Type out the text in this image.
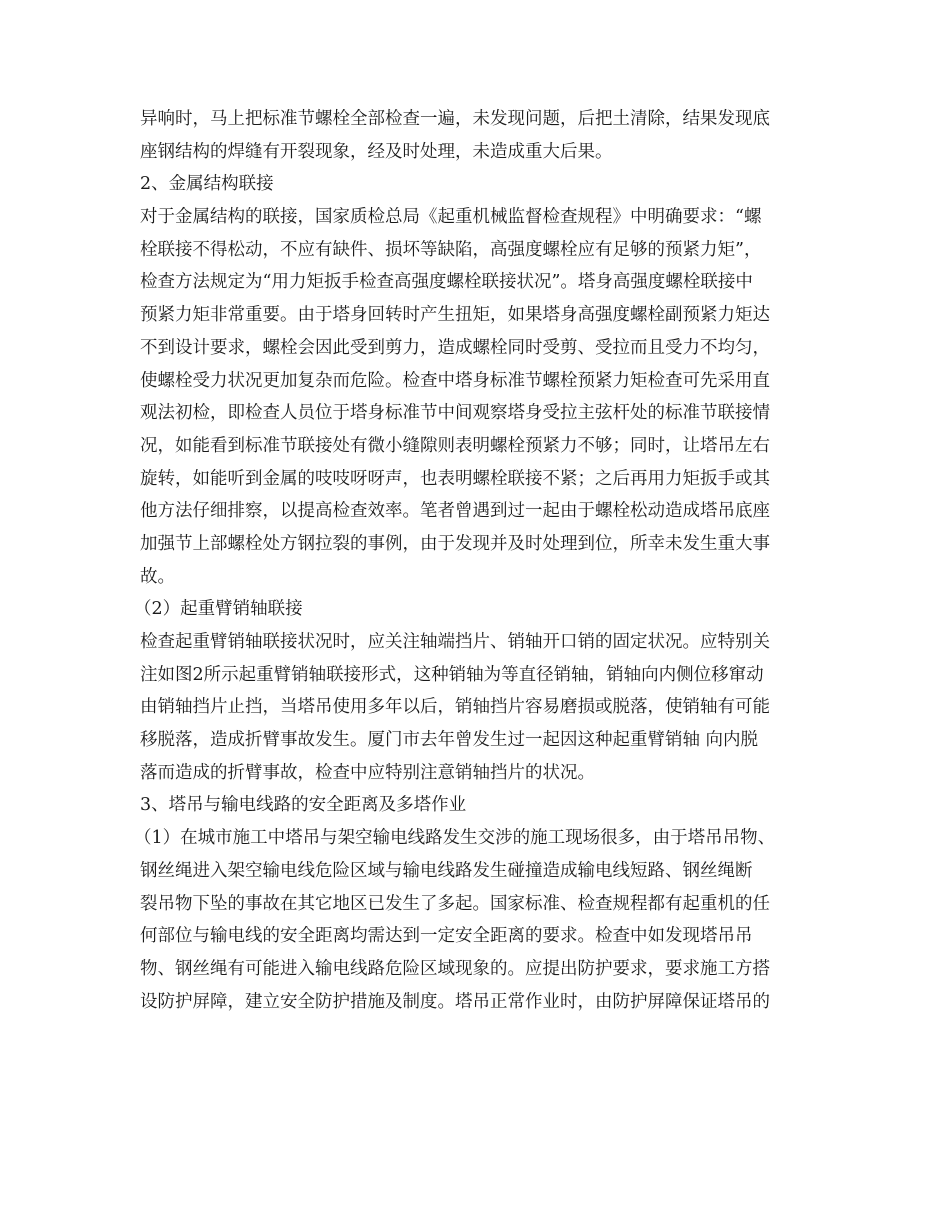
异响时，马上把标准节螺栓全部检查一遍，未发现问题，后把土清除，结果发现底
座钢结构的焊缝有开裂现象，经及时处理，未造成重大后果。
2、金属结构联接
对于金属结构的联接，国家质检总局《起重机械监督检查规程》中明确要求：“螺
栓联接不得松动，不应有缺件、损坏等缺陷，高强度螺栓应有足够的预紧力矩”，
检查方法规定为“用力矩扳手检查高强度螺栓联接状况”。塔身高强度螺栓联接中
预紧力矩非常重要。由于塔身回转时产生扭矩，如果塔身高强度螺栓副预紧力矩达
不到设计要求，螺栓会因此受到剪力，造成螺栓同时受剪、受拉而且受力不均匀，
使螺栓受力状况更加复杂而危险。检查中塔身标准节螺栓预紧力矩检查可先采用直
观法初检，即检查人员位于塔身标准节中间观察塔身受拉主弦杆处的标准节联接情
况，如能看到标准节联接处有微小缝隙则表明螺栓预紧力不够；同时，让塔吊左右
旋转，如能听到金属的吱吱呀呀声，也表明螺栓联接不紧；之后再用力矩扳手或其
他方法仔细排察，以提高检查效率。笔者曾遇到过一起由于螺栓松动造成塔吊底座
加强节上部螺栓处方钢拉裂的事例，由于发现并及时处理到位，所幸未发生重大事
故。
（2）起重臂销轴联接
检查起重臂销轴联接状况时，应关注轴端挡片、销轴开口销的固定状况。应特别关
注如图2所示起重臂销轴联接形式，这种销轴为等直径销轴，销轴向内侧位移窜动
由销轴挡片止挡，当塔吊使用多年以后，销轴挡片容易磨损或脱落，使销轴有可能
移脱落，造成折臂事故发生。厦门市去年曾发生过一起因这种起重臂销轴 向内脱
落而造成的折臂事故，检查中应特别注意销轴挡片的状况。
3、塔吊与输电线路的安全距离及多塔作业
（1）在城市施工中塔吊与架空输电线路发生交涉的施工现场很多，由于塔吊吊物、
钢丝绳进入架空输电线危险区域与输电线路发生碰撞造成输电线短路、钢丝绳断
裂吊物下坠的事故在其它地区已发生了多起。国家标准、检查规程都有起重机的任
何部位与输电线的安全距离均需达到一定安全距离的要求。检查中如发现塔吊吊
物、钢丝绳有可能进入输电线路危险区域现象的。应提出防护要求，要求施工方搭
设防护屏障，建立安全防护措施及制度。塔吊正常作业时，由防护屏障保证塔吊的
